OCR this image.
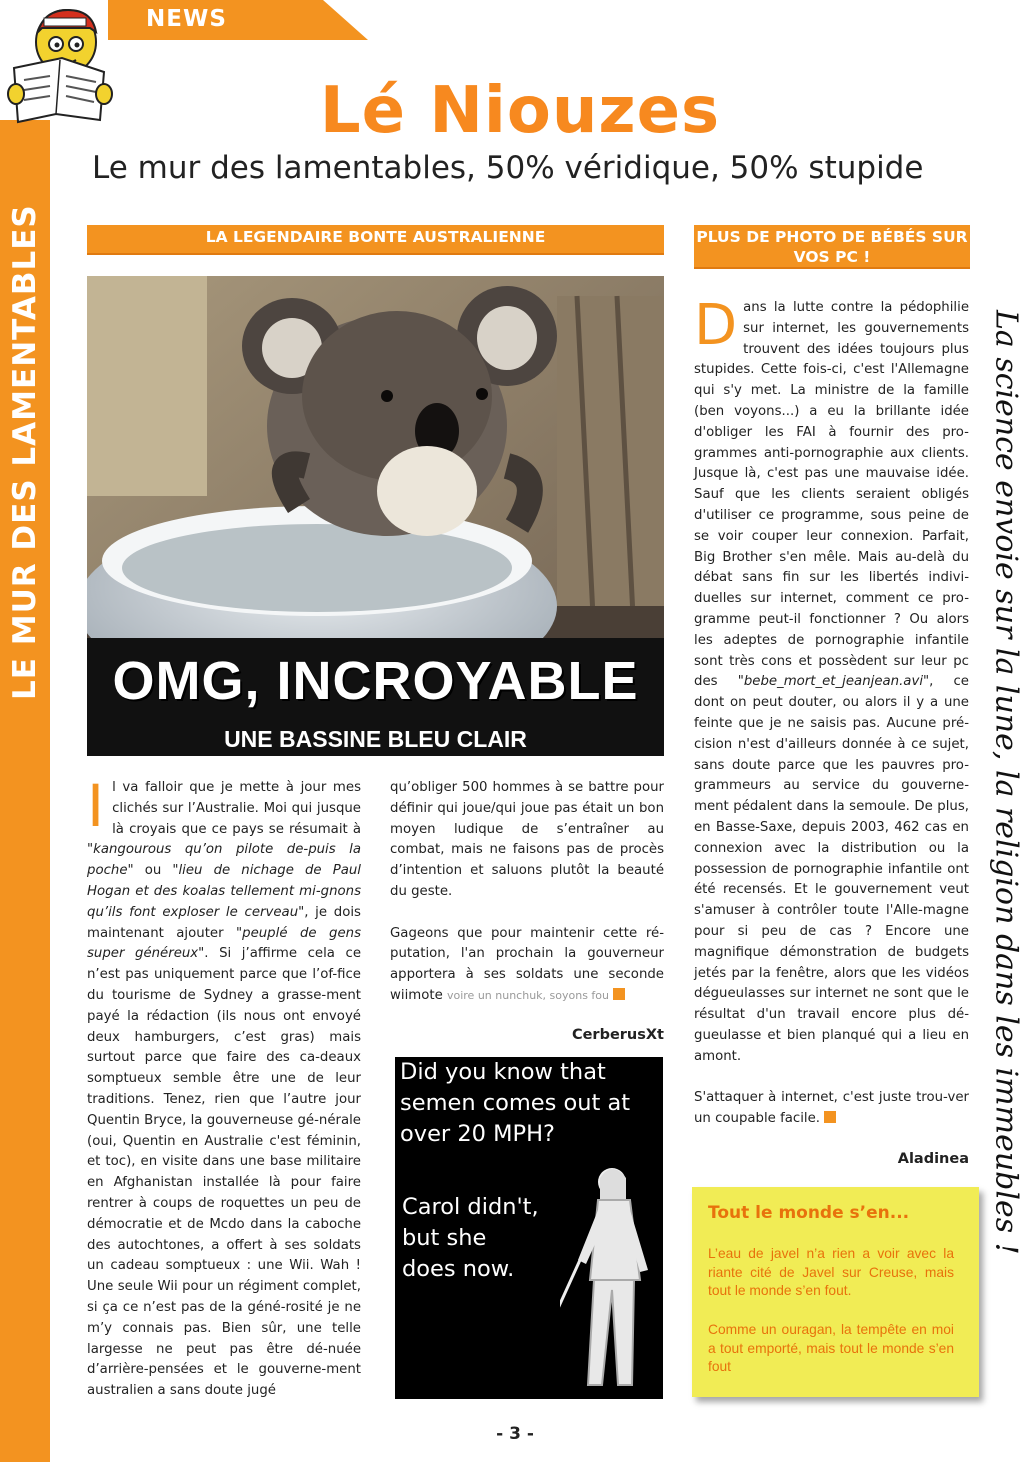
LE MUR DES LAMENTABLES
NEWS
Lé Niouzes
Le mur des lamentables, 50% véridique, 50% stupide
LA LEGENDAIRE BONTE AUSTRALIENNE
OMG, INCROYABLE
UNE BASSINE BLEU CLAIR
Il va falloir que je mette à jour mes clichés sur l’Australie. Moi qui jusque là croyais que ce pays se résumait à "kangourous qu’on pilote de-puis la poche" ou "lieu de nichage de Paul Hogan et des koalas tellement mi-gnons qu’ils font exploser le cerveau", je dois maintenant ajouter "peuplé de gens super généreux". Si j’affirme cela ce n’est pas uniquement parce que l’of-fice du tourisme de Sydney a grasse-ment payé la rédaction (ils nous ont envoyé deux hamburgers, c’est gras) mais surtout parce que faire des ca-deaux somptueux semble être une de leur traditions. Tenez, rien que l’autre jour Quentin Bryce, la gouverneuse gé-nérale (oui, Quentin en Australie c'est féminin, et toc), en visite dans une base militaire en Afghanistan installée là pour faire rentrer à coups de roquettes un peu de démocratie et de Mcdo dans la caboche des autochtones, a offert à ses soldats un cadeau somptueux : une Wii. Wah ! Une seule Wii pour un régiment complet, si ça ce n’est pas de la géné-rosité je ne m’y connais pas. Bien sûr, une telle largesse ne peut pas être dé-nuée d’arrière-pensées et le gouverne-ment australien a sans doute jugé

qu’obliger 500 hommes à se battre pour définir qui joue/qui joue pas était un bon moyen ludique de s’entraîner au combat, mais ne faisons pas de procès d’intention et saluons plutôt la beauté du geste.

Gageons que pour maintenir cette ré-putation, l'an prochain la gouverneur apportera à ses soldats une seconde wiimote voire un nunchuk, soyons fou

CerberusXt
Did you know that
semen comes out at
over 20 MPH?
Carol didn't,
but she
does now.
PLUS DE PHOTO DE BÉBÉS SUR VOS PC !

Dans la lutte contre la pédophilie sur internet, les gouvernements trouvent des idées toujours plus stupides. Cette fois-ci, c'est l'Allemagne qui s'y met. La ministre de la famille (ben voyons...) a eu la brillante idée d'obliger les FAI à fournir des pro-grammes anti-pornographie aux clients. Jusque là, c'est pas une mauvaise idée. Sauf que les clients seraient obligés d'utiliser ce programme, sous peine de se voir couper leur connexion. Parfait, Big Brother s'en mêle. Mais au-delà du débat sans fin sur les libertés indivi-duelles sur internet, comment ce pro-gramme peut-il fonctionner ? Ou alors les adeptes de pornographie infantile sont très cons et possèdent sur leur pc des "bebe_mort_et_jeanjean.avi", ce dont on peut douter, ou alors il y a une feinte que je ne saisis pas. Aucune pré-cision n'est d'ailleurs donnée à ce sujet, sans doute parce que les pauvres pro-grammeurs au service du gouverne-ment pédalent dans la semoule. De plus, en Basse-Saxe, depuis 2003, 462 cas en connexion avec la distribution ou la possession de pornographie infantile ont été recensés. Et le gouvernement veut s'amuser à contrôler toute l'Alle-magne pour si peu de cas ? Encore une magnifique démonstration de budgets jetés par la fenêtre, alors que les vidéos dégueulasses sur internet ne sont que le résultat d'un travail encore plus dé-gueulasse et bien planqué qui a lieu en amont.

S'attaquer à internet, c'est juste trou-ver un coupable facile.

Aladinea
Tout le monde s’en...
L’eau de javel n’a rien a voir avec la riante cité de Javel sur Creuse, mais tout le monde s’en fout.
Comme un ouragan, la tempête en moi a tout emporté, mais tout le monde s’en fout
La science envoie sur la lune, la religion dans les immeubles !
- 3 -
